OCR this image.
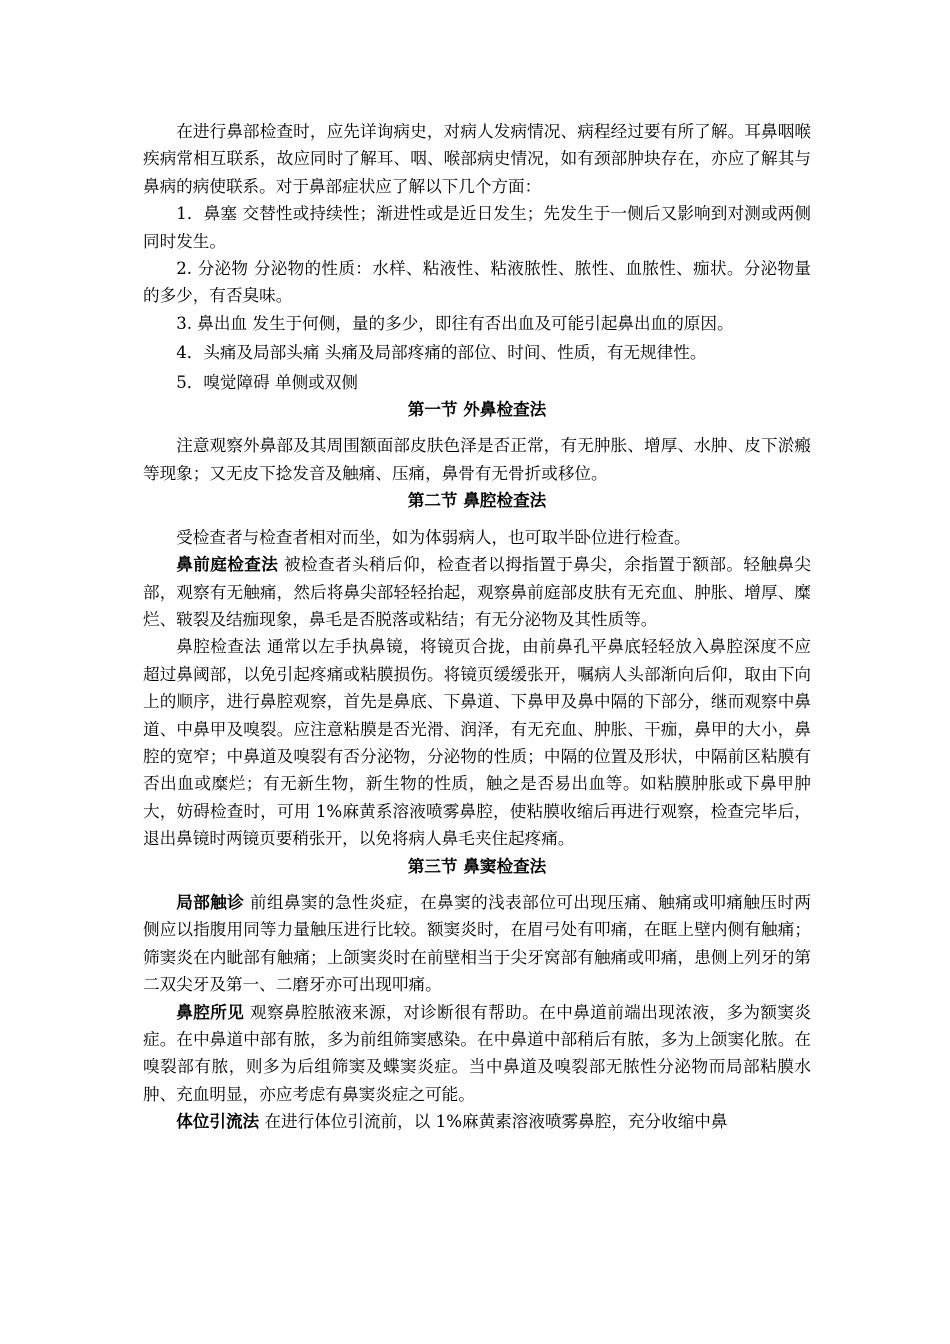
在进行鼻部检查时，应先详询病史，对病人发病情况、病程经过要有所了解。耳鼻咽喉疾病常相互联系，故应同时了解耳、咽、喉部病史情况，如有颈部肿块存在，亦应了解其与鼻病的病使联系。对于鼻部症状应了解以下几个方面：

1．鼻塞 交替性或持续性；渐进性或是近日发生；先发生于一侧后又影响到对测或两侧同时发生。

2. 分泌物 分泌物的性质：水样、粘液性、粘液脓性、脓性、血脓性、痂状。分泌物量的多少，有否臭味。

3. 鼻出血 发生于何侧，量的多少，即往有否出血及可能引起鼻出血的原因。

4．头痛及局部头痛 头痛及局部疼痛的部位、时间、性质，有无规律性。

5．嗅觉障碍 单侧或双侧

第一节 外鼻检查法

注意观察外鼻部及其周围额面部皮肤色泽是否正常，有无肿胀、增厚、水肿、皮下淤瘢等现象；又无皮下捻发音及触痛、压痛，鼻骨有无骨折或移位。

第二节 鼻腔检查法

受检查者与检查者相对而坐，如为体弱病人，也可取半卧位进行检查。

鼻前庭检查法 被检查者头稍后仰，检查者以拇指置于鼻尖，余指置于额部。轻触鼻尖部，观察有无触痛，然后将鼻尖部轻轻抬起，观察鼻前庭部皮肤有无充血、肿胀、增厚、糜烂、皲裂及结痂现象，鼻毛是否脱落或粘结；有无分泌物及其性质等。

鼻腔检查法 通常以左手执鼻镜，将镜页合拢，由前鼻孔平鼻底轻轻放入鼻腔深度不应超过鼻阈部，以免引起疼痛或粘膜损伤。将镜页缓缓张开，嘱病人头部渐向后仰，取由下向上的顺序，进行鼻腔观察，首先是鼻底、下鼻道、下鼻甲及鼻中隔的下部分，继而观察中鼻道、中鼻甲及嗅裂。应注意粘膜是否光滑、润泽，有无充血、肿胀、干痂，鼻甲的大小，鼻腔的宽窄；中鼻道及嗅裂有否分泌物，分泌物的性质；中隔的位置及形状，中隔前区粘膜有否出血或糜烂；有无新生物，新生物的性质，触之是否易出血等。如粘膜肿胀或下鼻甲肿大，妨碍检查时，可用 1%麻黄系溶液喷雾鼻腔，使粘膜收缩后再进行观察，检查完毕后，退出鼻镜时两镜页要稍张开，以免将病人鼻毛夹住起疼痛。

第三节 鼻窦检查法

局部触诊 前组鼻窦的急性炎症，在鼻窦的浅表部位可出现压痛、触痛或叩痛触压时两侧应以指腹用同等力量触压进行比较。额窦炎时，在眉弓处有叩痛，在眶上壁内侧有触痛；筛窦炎在内眦部有触痛；上颌窦炎时在前壁相当于尖牙窝部有触痛或叩痛，患侧上列牙的第二双尖牙及第一、二磨牙亦可出现叩痛。

鼻腔所见 观察鼻腔脓液来源，对诊断很有帮助。在中鼻道前端出现浓液，多为额窦炎症。在中鼻道中部有脓，多为前组筛窦感染。在中鼻道中部稍后有脓，多为上颌窦化脓。在嗅裂部有脓，则多为后组筛窦及蝶窦炎症。当中鼻道及嗅裂部无脓性分泌物而局部粘膜水肿、充血明显，亦应考虑有鼻窦炎症之可能。

体位引流法 在进行体位引流前，以 1%麻黄素溶液喷雾鼻腔，充分收缩中鼻
